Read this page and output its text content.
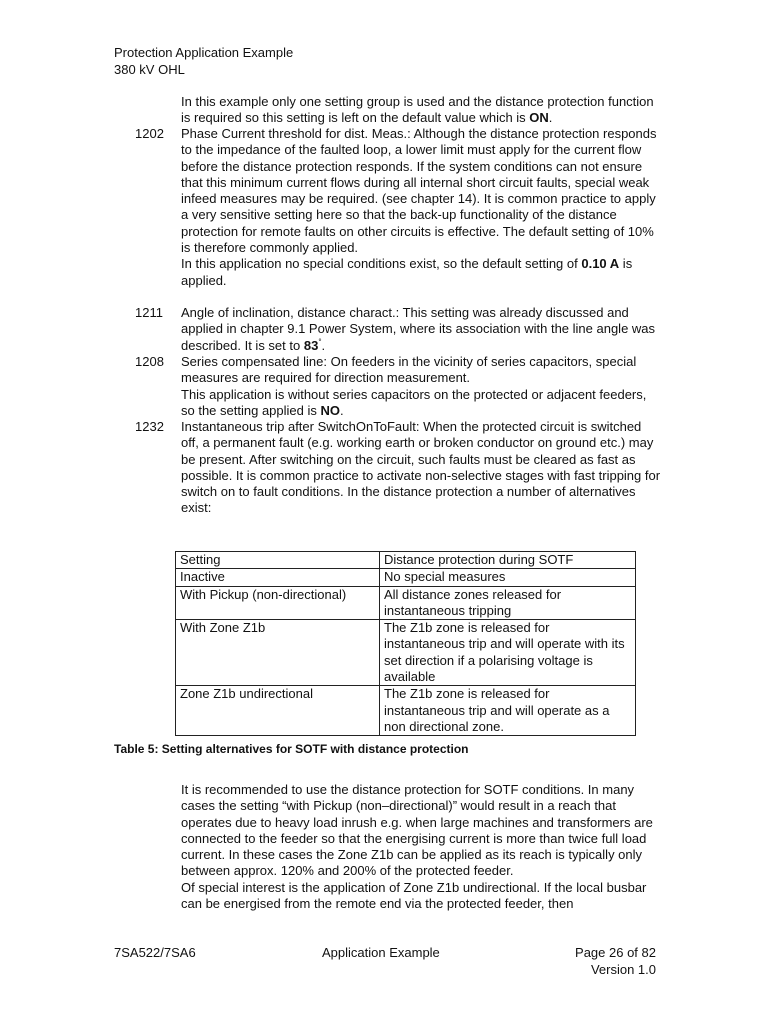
Protection Application Example
380 kV OHL

In this example only one setting group is used and the distance protection function is required so this setting is left on the default value which is ON.

1202 Phase Current threshold for dist. Meas.: Although the distance protection responds to the impedance of the faulted loop, a lower limit must apply for the current flow before the distance protection responds. If the system conditions can not ensure that this minimum current flows during all internal short circuit faults, special weak infeed measures may be required. (see chapter 14). It is common practice to apply a very sensitive setting here so that the back-up functionality of the distance protection for remote faults on other circuits is effective. The default setting of 10% is therefore commonly applied.

In this application no special conditions exist, so the default setting of 0.10 A is applied.

1211 Angle of inclination, distance charact.: This setting was already discussed and applied in chapter 9.1 Power System, where its association with the line angle was described. It is set to 83°.

1208 Series compensated line: On feeders in the vicinity of series capacitors, special measures are required for direction measurement.

This application is without series capacitors on the protected or adjacent feeders, so the setting applied is NO.

1232 Instantaneous trip after SwitchOnToFault: When the protected circuit is switched off, a permanent fault (e.g. working earth or broken conductor on ground etc.) may be present. After switching on the circuit, such faults must be cleared as fast as possible. It is common practice to activate non-selective stages with fast tripping for switch on to fault conditions. In the distance protection a number of alternatives exist:

Setting	Distance protection during SOTF
Inactive	No special measures
With Pickup (non-directional)	All distance zones released for instantaneous tripping
With Zone Z1b	The Z1b zone is released for instantaneous trip and will operate with its set direction if a polarising voltage is available
Zone Z1b undirectional	The Z1b zone is released for instantaneous trip and will operate as a non directional zone.
Table 5: Setting alternatives for SOTF with distance protection

It is recommended to use the distance protection for SOTF conditions. In many cases the setting “with Pickup (non–directional)” would result in a reach that operates due to heavy load inrush e.g. when large machines and transformers are connected to the feeder so that the energising current is more than twice full load current. In these cases the Zone Z1b can be applied as its reach is typically only between approx. 120% and 200% of the protected feeder.

Of special interest is the application of Zone Z1b undirectional. If the local busbar can be energised from the remote end via the protected feeder, then

7SA522/7SA6	Application Example	Page 26 of 82
Version 1.0
